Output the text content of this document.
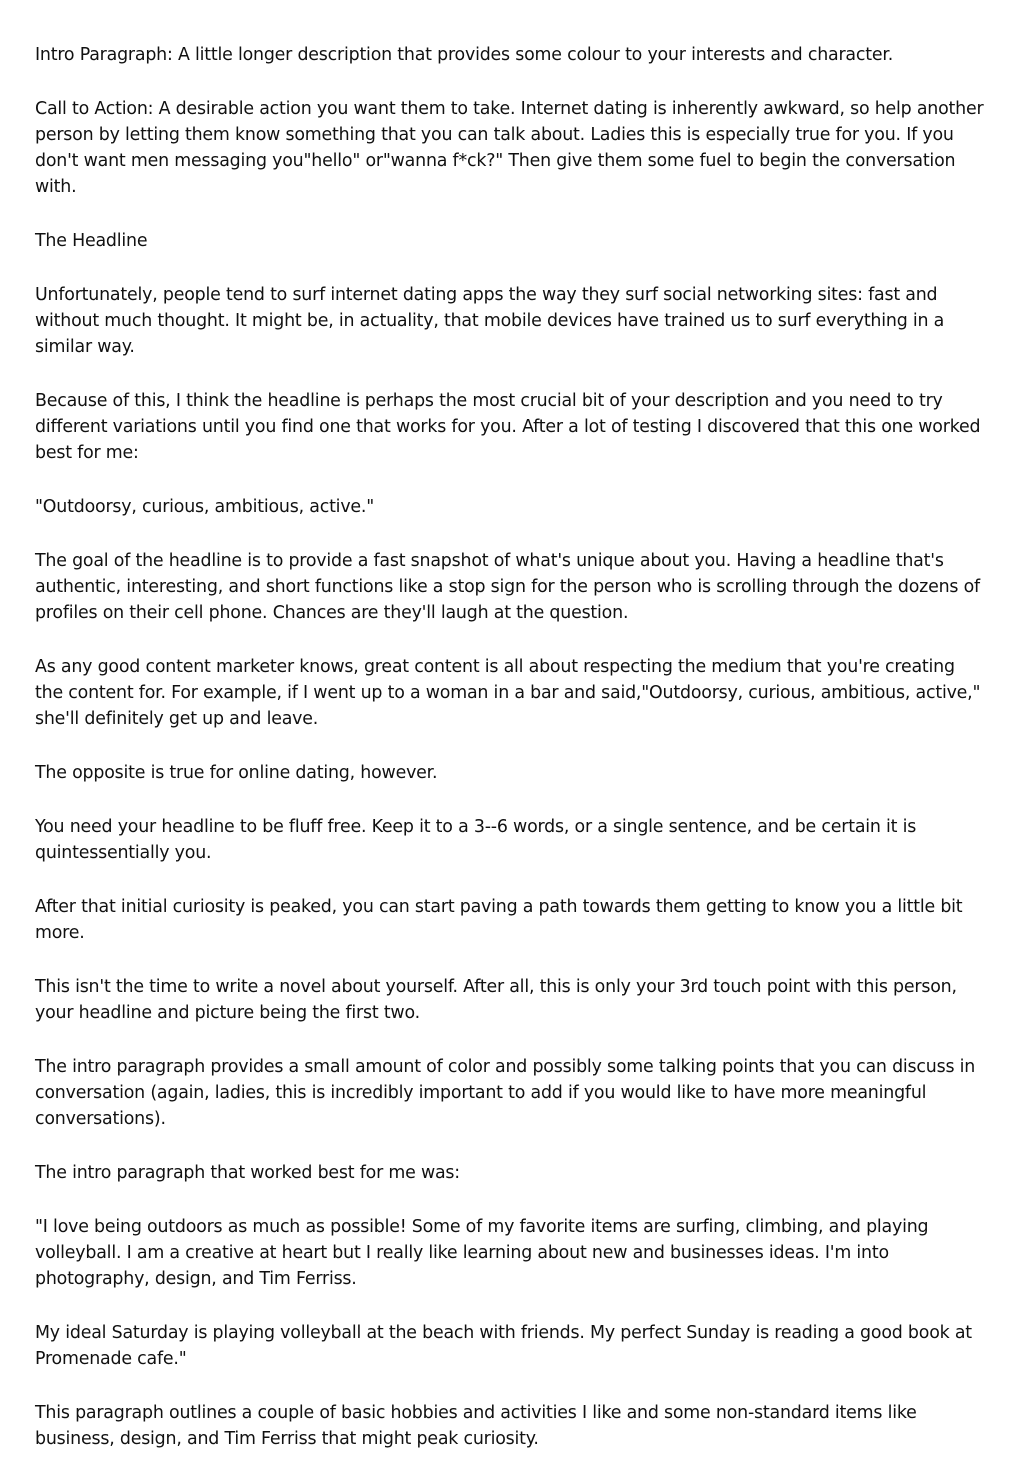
Intro Paragraph: A little longer description that provides some colour to your interests and character.

Call to Action: A desirable action you want them to take. Internet dating is inherently awkward, so help another person by letting them know something that you can talk about. Ladies this is especially true for you. If you don't want men messaging you"hello" or"wanna f*ck?" Then give them some fuel to begin the conversation with.

The Headline

Unfortunately, people tend to surf internet dating apps the way they surf social networking sites: fast and without much thought. It might be, in actuality, that mobile devices have trained us to surf everything in a similar way.

Because of this, I think the headline is perhaps the most crucial bit of your description and you need to try different variations until you find one that works for you. After a lot of testing I discovered that this one worked best for me:

"Outdoorsy, curious, ambitious, active."

The goal of the headline is to provide a fast snapshot of what's unique about you. Having a headline that's authentic, interesting, and short functions like a stop sign for the person who is scrolling through the dozens of profiles on their cell phone. Chances are they'll laugh at the question.

As any good content marketer knows, great content is all about respecting the medium that you're creating the content for. For example, if I went up to a woman in a bar and said,"Outdoorsy, curious, ambitious, active," she'll definitely get up and leave.

The opposite is true for online dating, however.

You need your headline to be fluff free. Keep it to a 3--6 words, or a single sentence, and be certain it is quintessentially you.

After that initial curiosity is peaked, you can start paving a path towards them getting to know you a little bit more.

This isn't the time to write a novel about yourself. After all, this is only your 3rd touch point with this person, your headline and picture being the first two.

The intro paragraph provides a small amount of color and possibly some talking points that you can discuss in conversation (again, ladies, this is incredibly important to add if you would like to have more meaningful conversations).

The intro paragraph that worked best for me was:

"I love being outdoors as much as possible! Some of my favorite items are surfing, climbing, and playing volleyball. I am a creative at heart but I really like learning about new and businesses ideas. I'm into photography, design, and Tim Ferriss.

My ideal Saturday is playing volleyball at the beach with friends. My perfect Sunday is reading a good book at Promenade cafe."

This paragraph outlines a couple of basic hobbies and activities I like and some non-standard items like business, design, and Tim Ferriss that might peak curiosity.
